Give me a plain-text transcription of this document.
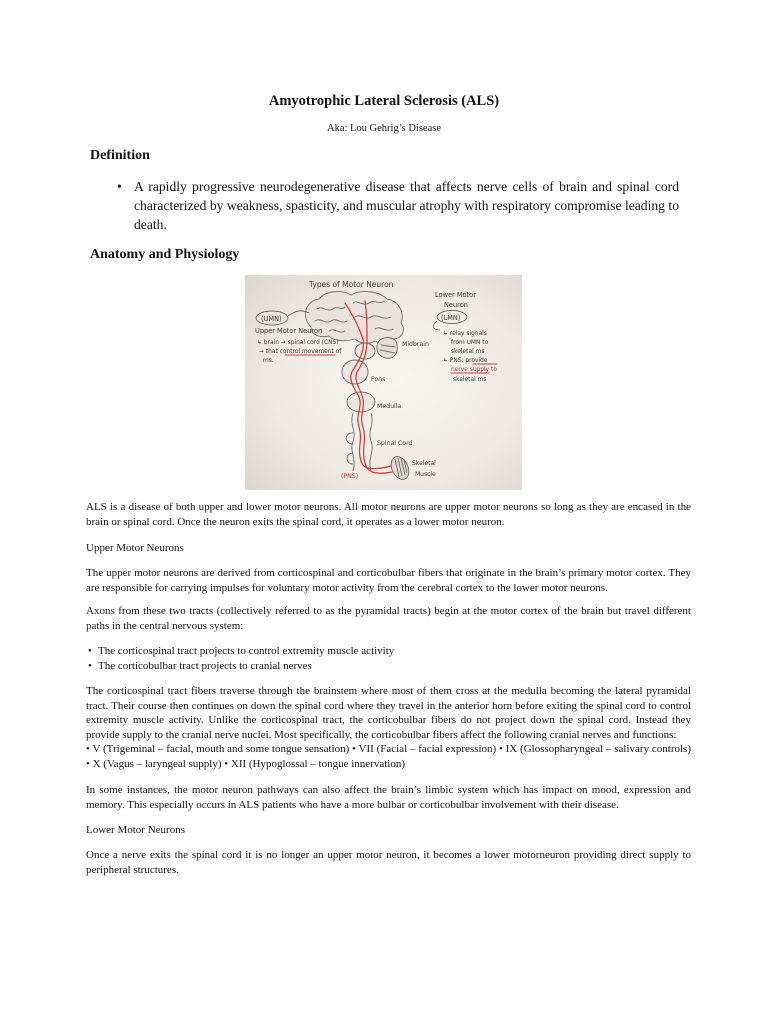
Amyotrophic Lateral Sclerosis (ALS)
Aka: Lou Gehrig’s Disease
Definition

• A rapidly progressive neurodegenerative disease that affects nerve cells of brain and spinal cord characterized by weakness, spasticity, and muscular atrophy with respiratory compromise leading to death.

Anatomy and Physiology
Types of Motor Neuron
(UMN)
Upper Motor Neuron
↳ brain → spinal cord (CNS)
→ that control movement of
ms.
Lower Motor
Neuron
(LMN)
↳ relay signals
from UMN to
skeletal ms
↳ PNS: provide
nerve supply to
skeletal ms
Midbrain
Pons
Medulla
Spinal Cord
(PNS)
Skeletal
Muscle

ALS is a disease of both upper and lower motor neurons. All motor neurons are upper motor neurons so long as they are encased in the brain or spinal cord. Once the neuron exits the spinal cord, it operates as a lower motor neuron.

Upper Motor Neurons

The upper motor neurons are derived from corticospinal and corticobulbar fibers that originate in the brain’s primary motor cortex. They are responsible for carrying impulses for voluntary motor activity from the cerebral cortex to the lower motor neurons.

Axons from these two tracts (collectively referred to as the pyramidal tracts) begin at the motor cortex of the brain but travel different paths in the central nervous system:

• The corticospinal tract projects to control extremity muscle activity
• The corticobulbar tract projects to cranial nerves

The corticospinal tract fibers traverse through the brainstem where most of them cross at the medulla becoming the lateral pyramidal tract. Their course then continues on down the spinal cord where they travel in the anterior horn before exiting the spinal cord to control extremity muscle activity. Unlike the corticospinal tract, the corticobulbar fibers do not project down the spinal cord. Instead they provide supply to the cranial nerve nuclei. Most specifically, the corticobulbar fibers affect the following cranial nerves and functions:
• V (Trigeminal – facial, mouth and some tongue sensation) • VII (Facial – facial expression) • IX (Glossopharyngeal – salivary controls) • X (Vagus – laryngeal supply) • XII (Hypoglossal – tongue innervation)

In some instances, the motor neuron pathways can also affect the brain’s limbic system which has impact on mood, expression and memory. This especially occurs in ALS patients who have a more bulbar or corticobulbar involvement with their disease.

Lower Motor Neurons

Once a nerve exits the spinal cord it is no longer an upper motor neuron, it becomes a lower motorneuron providing direct supply to peripheral structures.
